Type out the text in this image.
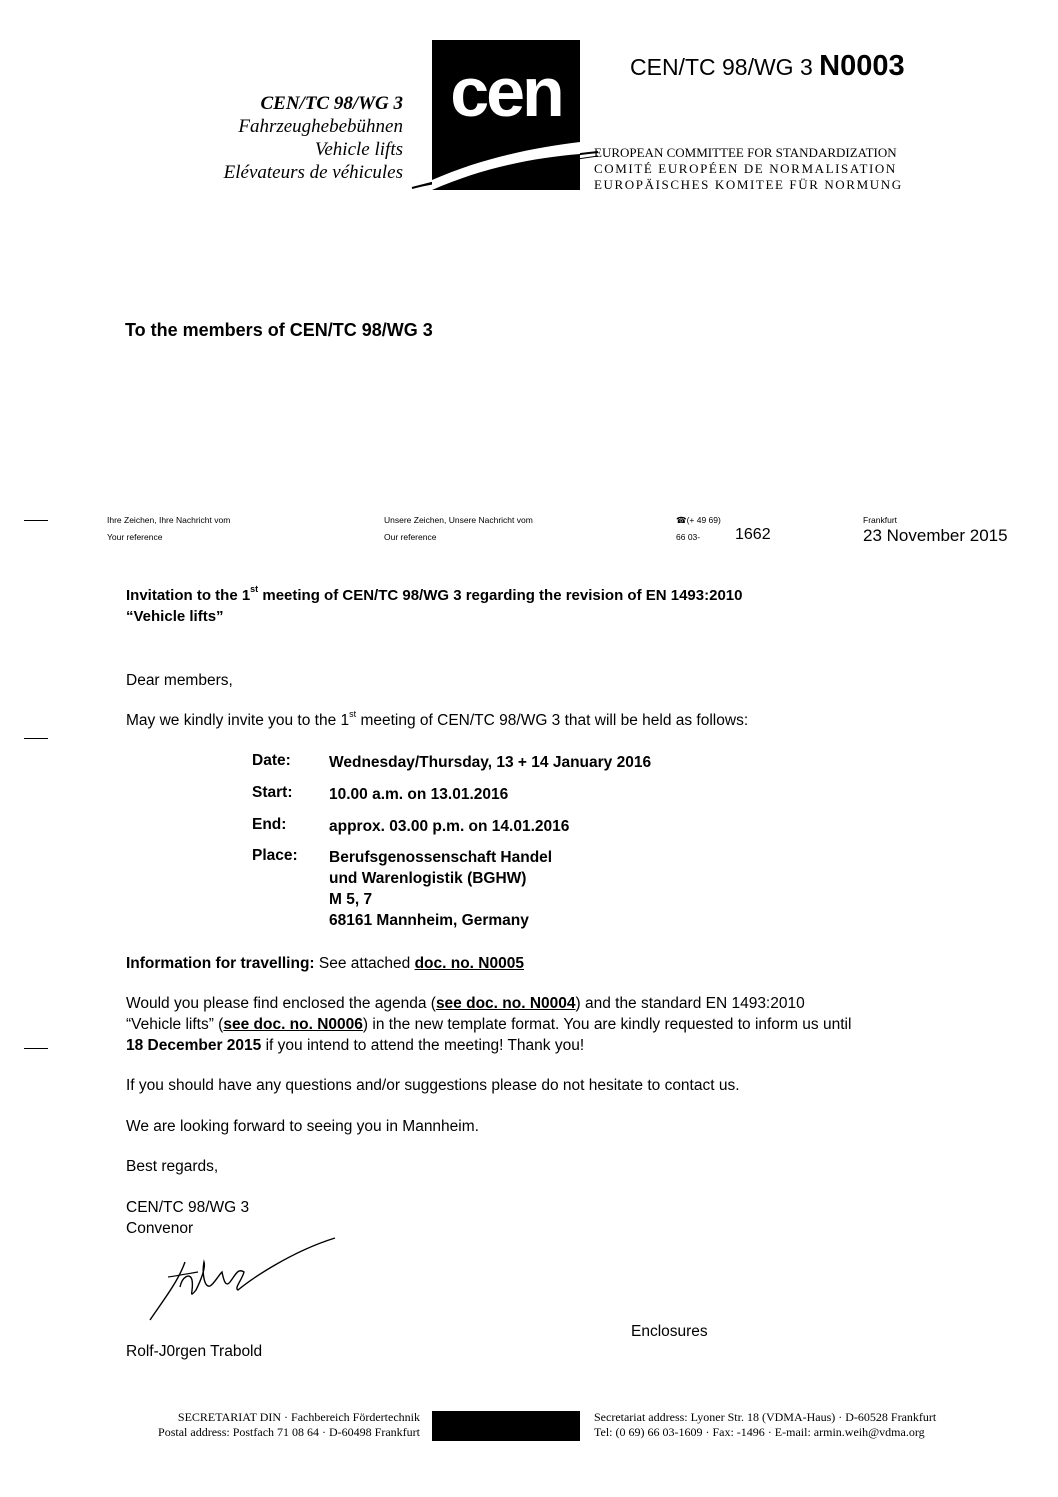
CEN/TC 98/WG 3
Fahrzeughebebühnen
Vehicle lifts
Elévateurs de véhicules
cen	CEN/TC 98/WG 3 N0003
EUROPEAN COMMITTEE FOR STANDARDIZATION
COMITÉ EUROPÉEN DE NORMALISATION
EUROPÄISCHES KOMITEE FÜR NORMUNG
To the members of CEN/TC 98/WG 3
Ihre Zeichen, Ihre Nachricht vom
Your reference
Unsere Zeichen, Unsere Nachricht vom
Our reference
☎(+ 49 69)
66 03- 1662
Frankfurt
23 November 2015
Invitation to the 1st meeting of CEN/TC 98/WG 3 regarding the revision of EN 1493:2010
“Vehicle lifts”
Dear members,
May we kindly invite you to the 1st meeting of CEN/TC 98/WG 3 that will be held as follows:
Date: Wednesday/Thursday, 13 + 14 January 2016
Start: 10.00 a.m. on 13.01.2016
End:	approx. 03.00 p.m. on 14.01.2016
Place: Berufsgenossenschaft Handel
und Warenlogistik (BGHW)
M 5, 7
68161 Mannheim, Germany
Information for travelling: See attached doc. no. N0005
Would you please find enclosed the agenda (see doc. no. N0004) and the standard EN 1493:2010
“Vehicle lifts” (see doc. no. N0006) in the new template format. You are kindly requested to inform us until
18 December 2015 if you intend to attend the meeting! Thank you!
If you should have any questions and/or suggestions please do not hesitate to contact us.
We are looking forward to seeing you in Mannheim.
Best regards,
CEN/TC 98/WG 3
Convenor
Rolf-J0rgen Trabold
Enclosures
SECRETARIAT DIN · Fachbereich Fördertechnik
Postal address: Postfach 71 08 64 · D-60498 Frankfurt
Secretariat address: Lyoner Str. 18 (VDMA-Haus) · D-60528 Frankfurt
Tel: (0 69) 66 03-1609 · Fax: -1496 · E-mail: armin.weih@vdma.org
